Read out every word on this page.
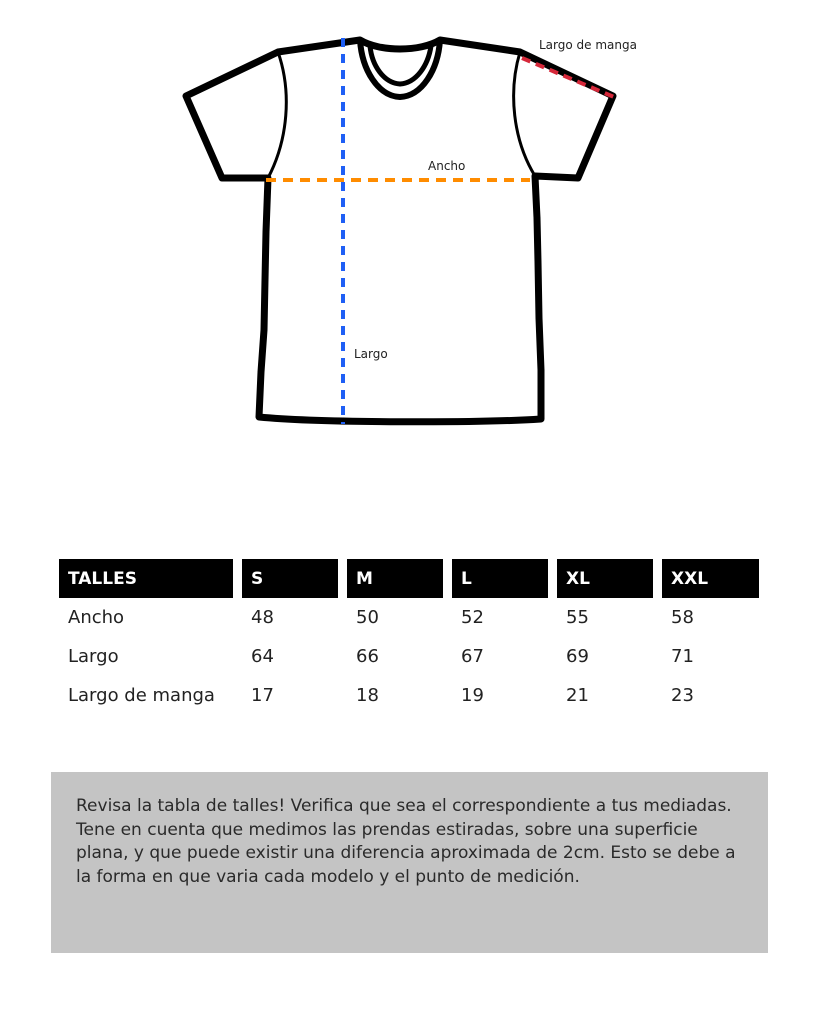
Largo de manga
Ancho
Largo
TALLES	S	M	L	XL	XXL
Ancho	48	50	52	55	58
Largo	64	66	67	69	71
Largo de manga	17	18	19	21	23

Revisa la tabla de talles! Verifica que sea el correspondiente a tus mediadas.

Tene en cuenta que medimos las prendas estiradas, sobre una superficie plana, y que puede existir una diferencia aproximada de 2cm. Esto se debe a la forma en que varia cada modelo y el punto de medición.
